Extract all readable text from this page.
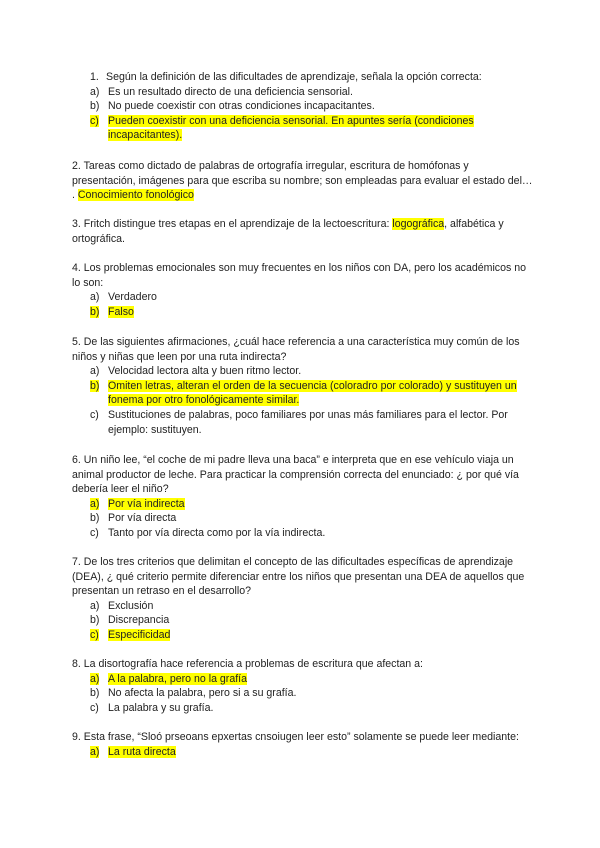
1. Según la definición de las dificultades de aprendizaje, señala la opción correcta:
a) Es un resultado directo de una deficiencia sensorial.
b) No puede coexistir con otras condiciones incapacitantes.
c) Pueden coexistir con una deficiencia sensorial. En apuntes sería (condiciones incapacitantes).

2. Tareas como dictado de palabras de ortografía irregular, escritura de homófonas y presentación, imágenes para que escriba su nombre; son empleadas para evaluar el estado del… . Conocimiento fonológico

3. Fritch distingue tres etapas en el aprendizaje de la lectoescritura: logográfica, alfabética y ortográfica.

4. Los problemas emocionales son muy frecuentes en los niños con DA, pero los académicos no lo son:

a) Verdadero
b) Falso

5. De las siguientes afirmaciones, ¿cuál hace referencia a una característica muy común de los niños y niñas que leen por una ruta indirecta?

a) Velocidad lectora alta y buen ritmo lector.
b) Omiten letras, alteran el orden de la secuencia (coloradro por colorado) y sustituyen un fonema por otro fonológicamente similar.
c) Sustituciones de palabras, poco familiares por unas más familiares para el lector. Por ejemplo: sustituyen.

6. Un niño lee, “el coche de mi padre lleva una baca” e interpreta que en ese vehículo viaja un animal productor de leche. Para practicar la comprensión correcta del enunciado: ¿ por qué vía debería leer el niño?

a) Por vía indirecta
b) Por vía directa
c) Tanto por vía directa como por la vía indirecta.

7. De los tres criterios que delimitan el concepto de las dificultades específicas de aprendizaje (DEA), ¿ qué criterio permite diferenciar entre los niños que presentan una DEA de aquellos que presentan un retraso en el desarrollo?

a) Exclusión
b) Discrepancia
c) Especificidad

8. La disortografía hace referencia a problemas de escritura que afectan a:

a) A la palabra, pero no la grafía
b) No afecta la palabra, pero si a su grafía.
c) La palabra y su grafía.

9. Esta frase, “Sloó prseoans epxertas cnsoiugen leer esto” solamente se puede leer mediante:

a) La ruta directa
